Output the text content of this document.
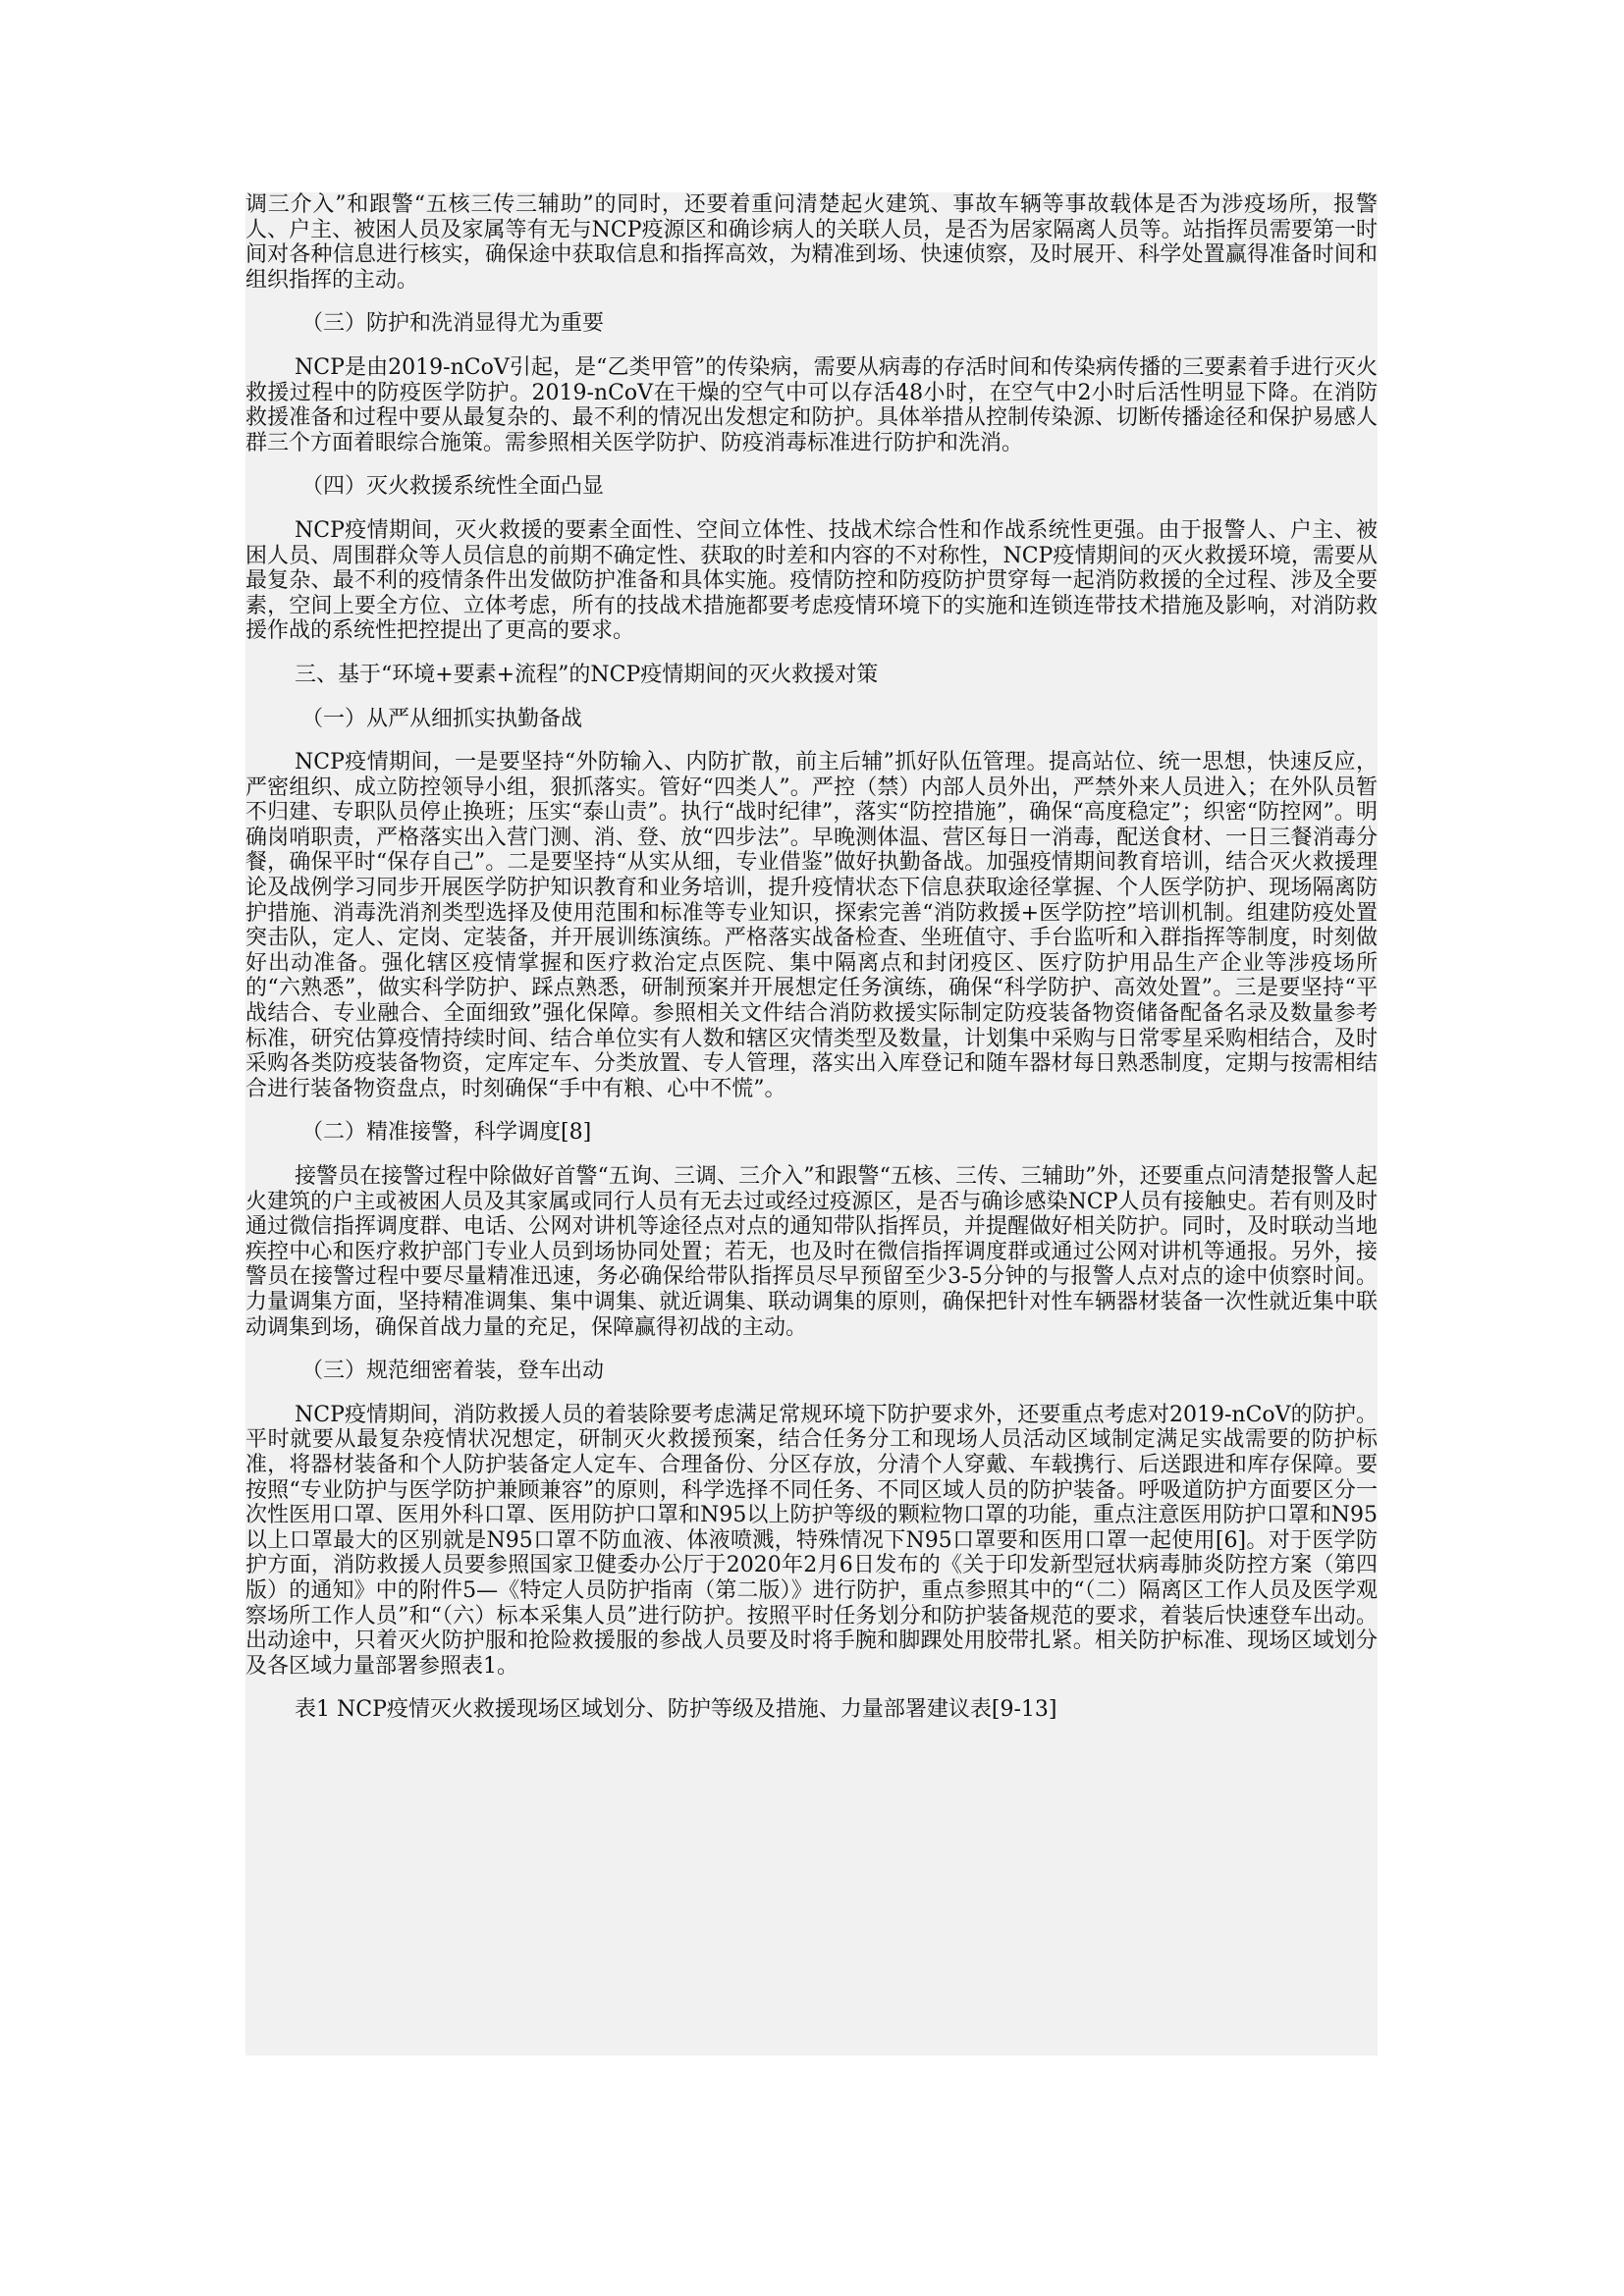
调三介入”和跟警“五核三传三辅助”的同时，还要着重问清楚起火建筑、事故车辆等事故载体是否为涉疫场所，报警人、户主、被困人员及家属等有无与NCP疫源区和确诊病人的关联人员，是否为居家隔离人员等。站指挥员需要第一时间对各种信息进行核实，确保途中获取信息和指挥高效，为精准到场、快速侦察，及时展开、科学处置赢得准备时间和组织指挥的主动。

（三）防护和洗消显得尤为重要

NCP是由2019-nCoV引起，是“乙类甲管”的传染病，需要从病毒的存活时间和传染病传播的三要素着手进行灭火救援过程中的防疫医学防护。2019-nCoV在干燥的空气中可以存活48小时，在空气中2小时后活性明显下降。在消防救援准备和过程中要从最复杂的、最不利的情况出发想定和防护。具体举措从控制传染源、切断传播途径和保护易感人群三个方面着眼综合施策。需参照相关医学防护、防疫消毒标准进行防护和洗消。

（四）灭火救援系统性全面凸显

NCP疫情期间，灭火救援的要素全面性、空间立体性、技战术综合性和作战系统性更强。由于报警人、户主、被困人员、周围群众等人员信息的前期不确定性、获取的时差和内容的不对称性，NCP疫情期间的灭火救援环境，需要从最复杂、最不利的疫情条件出发做防护准备和具体实施。疫情防控和防疫防护贯穿每一起消防救援的全过程、涉及全要素，空间上要全方位、立体考虑，所有的技战术措施都要考虑疫情环境下的实施和连锁连带技术措施及影响，对消防救援作战的系统性把控提出了更高的要求。

三、基于“环境+要素+流程”的NCP疫情期间的灭火救援对策

（一）从严从细抓实执勤备战

NCP疫情期间，一是要坚持“外防输入、内防扩散，前主后辅”抓好队伍管理。提高站位、统一思想，快速反应，严密组织、成立防控领导小组，狠抓落实。管好“四类人”。严控（禁）内部人员外出，严禁外来人员进入；在外队员暂不归建、专职队员停止换班；压实“泰山责”。执行“战时纪律”，落实“防控措施”，确保“高度稳定”；织密“防控网”。明确岗哨职责，严格落实出入营门测、消、登、放“四步法”。早晚测体温、营区每日一消毒，配送食材、一日三餐消毒分餐，确保平时“保存自己”。二是要坚持“从实从细，专业借鉴”做好执勤备战。加强疫情期间教育培训，结合灭火救援理论及战例学习同步开展医学防护知识教育和业务培训，提升疫情状态下信息获取途径掌握、个人医学防护、现场隔离防护措施、消毒洗消剂类型选择及使用范围和标准等专业知识，探索完善“消防救援+医学防控”培训机制。组建防疫处置突击队，定人、定岗、定装备，并开展训练演练。严格落实战备检查、坐班值守、手台监听和入群指挥等制度，时刻做好出动准备。强化辖区疫情掌握和医疗救治定点医院、集中隔离点和封闭疫区、医疗防护用品生产企业等涉疫场所的“六熟悉”，做实科学防护、踩点熟悉，研制预案并开展想定任务演练，确保“科学防护、高效处置”。三是要坚持“平战结合、专业融合、全面细致”强化保障。参照相关文件结合消防救援实际制定防疫装备物资储备配备名录及数量参考标准，研究估算疫情持续时间、结合单位实有人数和辖区灾情类型及数量，计划集中采购与日常零星采购相结合，及时采购各类防疫装备物资，定库定车、分类放置、专人管理，落实出入库登记和随车器材每日熟悉制度，定期与按需相结合进行装备物资盘点，时刻确保“手中有粮、心中不慌”。

（二）精准接警，科学调度[8]

接警员在接警过程中除做好首警“五询、三调、三介入”和跟警“五核、三传、三辅助”外，还要重点问清楚报警人起火建筑的户主或被困人员及其家属或同行人员有无去过或经过疫源区，是否与确诊感染NCP人员有接触史。若有则及时通过微信指挥调度群、电话、公网对讲机等途径点对点的通知带队指挥员，并提醒做好相关防护。同时，及时联动当地疾控中心和医疗救护部门专业人员到场协同处置；若无，也及时在微信指挥调度群或通过公网对讲机等通报。另外，接警员在接警过程中要尽量精准迅速，务必确保给带队指挥员尽早预留至少3-5分钟的与报警人点对点的途中侦察时间。力量调集方面，坚持精准调集、集中调集、就近调集、联动调集的原则，确保把针对性车辆器材装备一次性就近集中联动调集到场，确保首战力量的充足，保障赢得初战的主动。

（三）规范细密着装，登车出动

NCP疫情期间，消防救援人员的着装除要考虑满足常规环境下防护要求外，还要重点考虑对2019-nCoV的防护。平时就要从最复杂疫情状况想定，研制灭火救援预案，结合任务分工和现场人员活动区域制定满足实战需要的防护标准，将器材装备和个人防护装备定人定车、合理备份、分区存放，分清个人穿戴、车载携行、后送跟进和库存保障。要按照“专业防护与医学防护兼顾兼容”的原则，科学选择不同任务、不同区域人员的防护装备。呼吸道防护方面要区分一次性医用口罩、医用外科口罩、医用防护口罩和N95以上防护等级的颗粒物口罩的功能，重点注意医用防护口罩和N95以上口罩最大的区别就是N95口罩不防血液、体液喷溅，特殊情况下N95口罩要和医用口罩一起使用[6]。对于医学防护方面，消防救援人员要参照国家卫健委办公厅于2020年2月6日发布的《关于印发新型冠状病毒肺炎防控方案（第四版）的通知》中的附件5—《特定人员防护指南（第二版）》进行防护，重点参照其中的“（二）隔离区工作人员及医学观察场所工作人员”和“（六）标本采集人员”进行防护。按照平时任务划分和防护装备规范的要求，着装后快速登车出动。出动途中，只着灭火防护服和抢险救援服的参战人员要及时将手腕和脚踝处用胶带扎紧。相关防护标准、现场区域划分及各区域力量部署参照表1。

表1 NCP疫情灭火救援现场区域划分、防护等级及措施、力量部署建议表[9-13]
